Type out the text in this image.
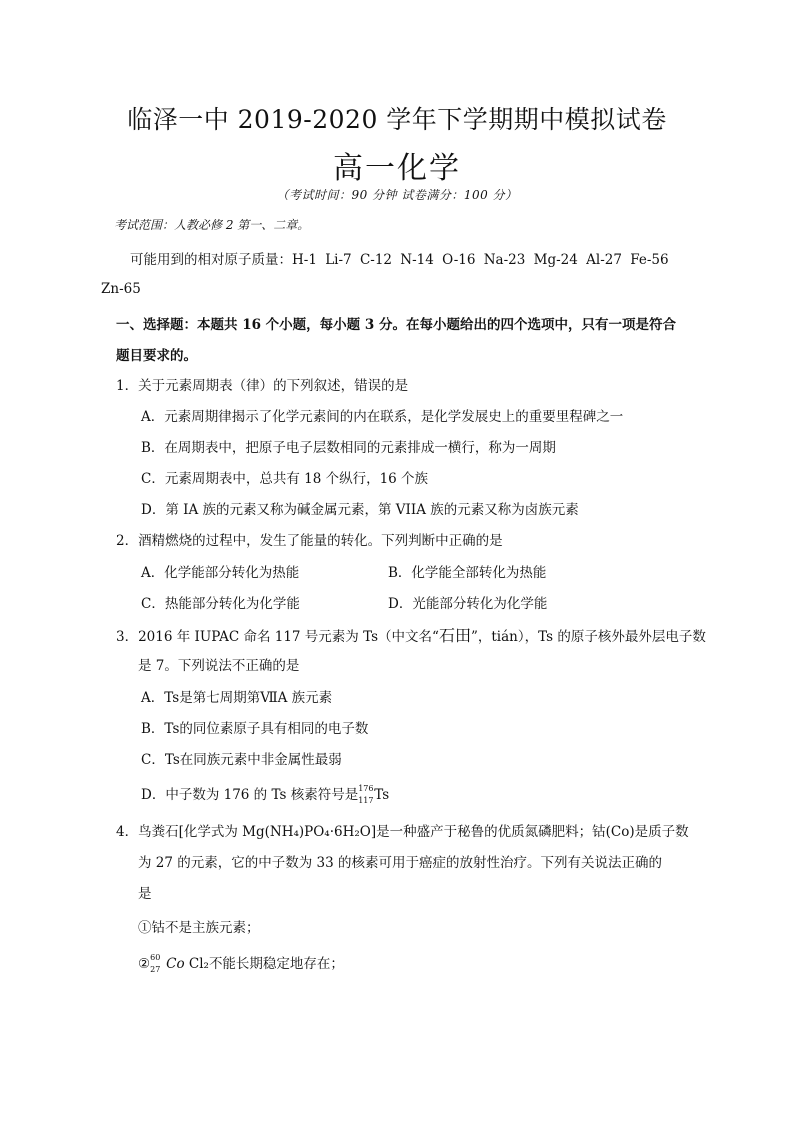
临泽一中 2019-2020 学年下学期期中模拟试卷
高一化学
（考试时间：90 分钟 试卷满分：100 分）
考试范围：人教必修 2 第一、二章。
可能用到的相对原子质量：H-1 Li-7 C-12 N-14 O-16 Na-23 Mg-24 Al-27 Fe-56
Zn-65
一、选择题：本题共 16 个小题，每小题 3 分。在每小题给出的四个选项中，只有一项是符合
题目要求的。
1．关于元素周期表（律）的下列叙述，错误的是
A．元素周期律揭示了化学元素间的内在联系，是化学发展史上的重要里程碑之一
B．在周期表中，把原子电子层数相同的元素排成一横行，称为一周期
C．元素周期表中，总共有 18 个纵行，16 个族
D．第 IA 族的元素又称为碱金属元素，第 VIIA 族的元素又称为卤族元素
2．酒精燃烧的过程中，发生了能量的转化。下列判断中正确的是
A．化学能部分转化为热能	B．化学能全部转化为热能
C．热能部分转化为化学能	D．光能部分转化为化学能
3．2016 年 IUPAC 命名 117 号元素为 Ts（中文名“石田”，tián），Ts 的原子核外最外层电子数
是 7。下列说法不正确的是
A．Ts是第七周期第ⅦA 族元素
B．Ts的同位素原子具有相同的电子数
C．Ts在同族元素中非金属性最弱
D．中子数为 176 的 Ts 核素符号是 176
117 Ts
4．鸟粪石[化学式为 Mg(NH₄)PO₄·6H₂O]是一种盛产于秘鲁的优质氮磷肥料；钴(Co)是质子数
为 27 的元素，它的中子数为 33 的核素可用于癌症的放射性治疗。下列有关说法正确的
是
①钴不是主族元素；
② 60
27 Co Cl₂不能长期稳定地存在；
